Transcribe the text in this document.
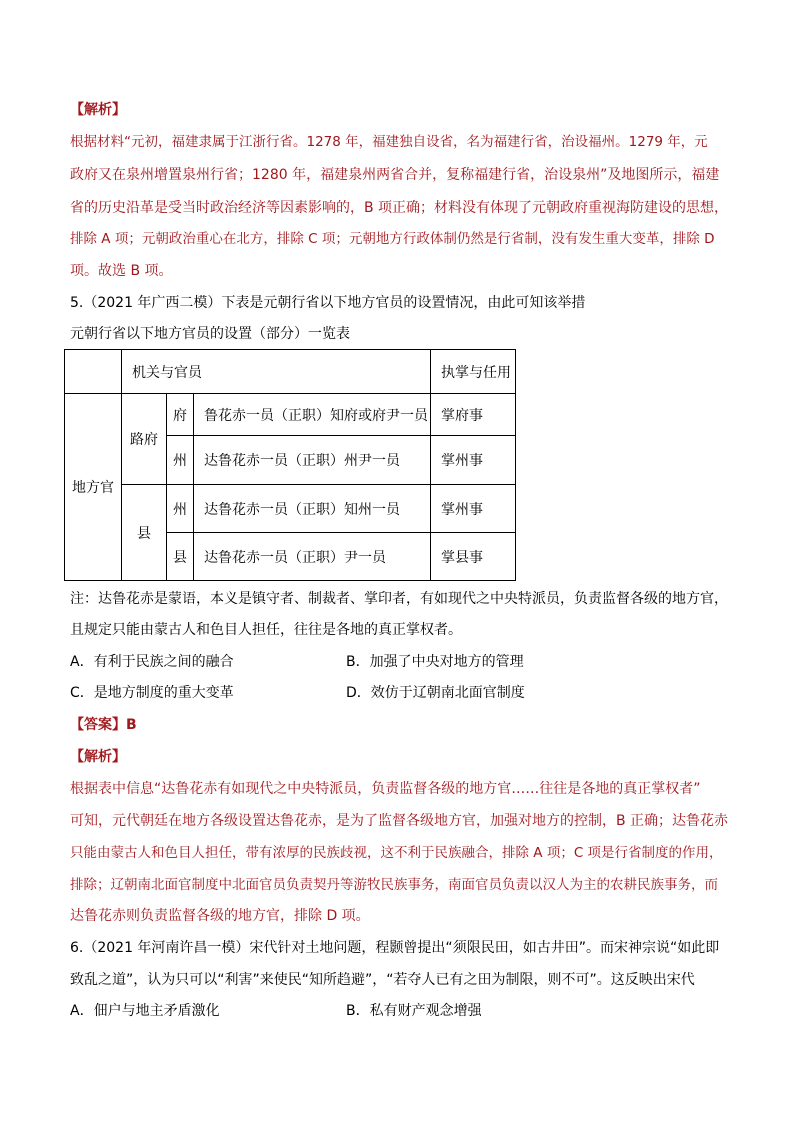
【解析】
根据材料“元初，福建隶属于江浙行省。1278 年，福建独自设省，名为福建行省，治设福州。1279 年，元
政府又在泉州增置泉州行省；1280 年，福建泉州两省合并，复称福建行省，治设泉州”及地图所示，福建
省的历史沿革是受当时政治经济等因素影响的，B 项正确；材料没有体现了元朝政府重视海防建设的思想，
排除 A 项；元朝政治重心在北方，排除 C 项；元朝地方行政体制仍然是行省制，没有发生重大变革，排除 D
项。故选 B 项。
5.（2021 年广西二模）下表是元朝行省以下地方官员的设置情况，由此可知该举措
元朝行省以下地方官员的设置（部分）一览表
	机关与官员			执掌与任用
地方官	路府	府	鲁花赤一员（正职）知府或府尹一员	掌府事
		州	达鲁花赤一员（正职）州尹一员	掌州事
	县	州	达鲁花赤一员（正职）知州一员	掌州事
		县	达鲁花赤一员（正职）尹一员	掌县事
注：达鲁花赤是蒙语，本义是镇守者、制裁者、掌印者，有如现代之中央特派员，负责监督各级的地方官，
且规定只能由蒙古人和色目人担任，往往是各地的真正掌权者。
A．有利于民族之间的融合	B．加强了中央对地方的管理
C．是地方制度的重大变革	D．效仿于辽朝南北面官制度
【答案】B
【解析】
根据表中信息“达鲁花赤有如现代之中央特派员，负责监督各级的地方官……往往是各地的真正掌权者”
可知，元代朝廷在地方各级设置达鲁花赤，是为了监督各级地方官，加强对地方的控制，B 正确；达鲁花赤
只能由蒙古人和色目人担任，带有浓厚的民族歧视，这不利于民族融合，排除 A 项；C 项是行省制度的作用，
排除；辽朝南北面官制度中北面官员负责契丹等游牧民族事务，南面官员负责以汉人为主的农耕民族事务，而
达鲁花赤则负责监督各级的地方官，排除 D 项。
6.（2021 年河南许昌一模）宋代针对土地问题，程颢曾提出“须限民田，如古井田”。而宋神宗说“如此即
致乱之道”，认为只可以“利害”来使民“知所趋避”，“若夺人已有之田为制限，则不可”。这反映出宋代
A．佃户与地主矛盾激化	B．私有财产观念增强
